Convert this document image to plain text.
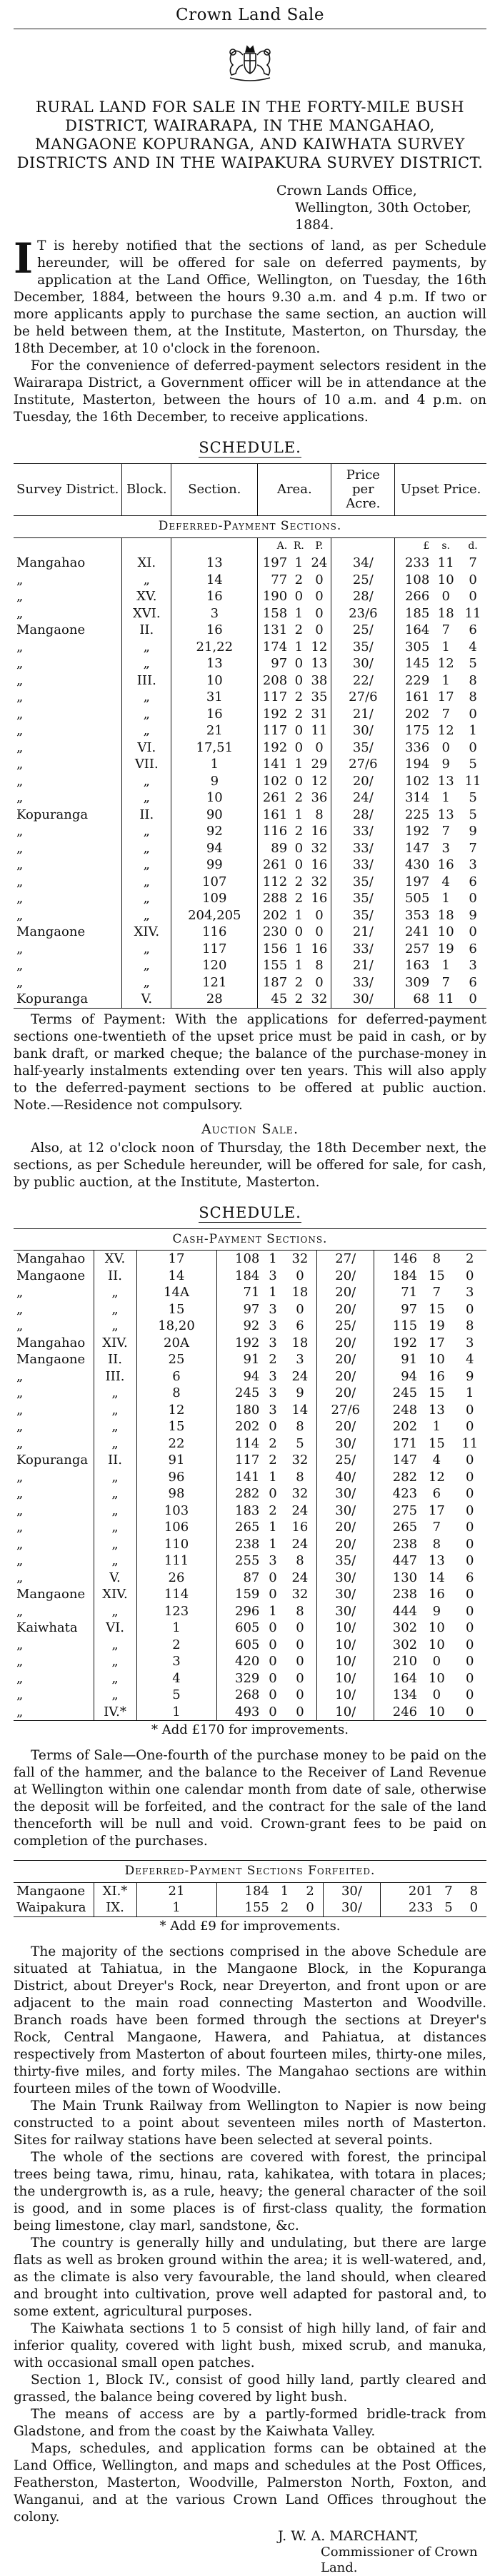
Crown Land Sale
RURAL LAND FOR SALE IN THE FORTY-MILE BUSH DISTRICT, WAIRARAPA, IN THE MANGAHAO, MANGAONE KOPURANGA, AND KAIWHATA SURVEY DISTRICTS AND IN THE WAIPAKURA SURVEY DISTRICT.
Crown Lands Office,
Wellington, 30th October, 1884.
I T is hereby notified that the sections of land, as per Schedule hereunder, will be offered for sale on deferred payments, by application at the Land Office, Wellington, on Tuesday, the 16th December, 1884, between the hours 9.30 a.m. and 4 p.m. If two or more applicants apply to purchase the same section, an auction will be held between them, at the Institute, Masterton, on Thursday, the 18th December, at 10 o'clock in the forenoon.

For the convenience of deferred-payment selectors resident in the Wairarapa District, a Government officer will be in attendance at the Institute, Masterton, between the hours of 10 a.m. and 4 p.m. on Tuesday, the 16th December, to receive applications.

SCHEDULE.
Survey District.	Block.	Section.	Area.			Price per Acre.	Upset Price.		
Deferred-Payment Sections.									
			A.	R.	P.		£	s.	d.
Mangahao	XI.	13	197	1	24	34/	233	11	7
„	„	14	77	2	0	25/	108	10	0
„	XV.	16	190	0	0	28/	266	0	0
„	XVI.	3	158	1	0	23/6	185	18	11
Mangaone	II.	16	131	2	0	25/	164	7	6
„	„	21,22	174	1	12	35/	305	1	4
„	„	13	97	0	13	30/	145	12	5
„	III.	10	208	0	38	22/	229	1	8
„	„	31	117	2	35	27/6	161	17	8
„	„	16	192	2	31	21/	202	7	0
„	„	21	117	0	11	30/	175	12	1
„	VI.	17,51	192	0	0	35/	336	0	0
„	VII.	1	141	1	29	27/6	194	9	5
„	„	9	102	0	12	20/	102	13	11
„	„	10	261	2	36	24/	314	1	5
Kopuranga	II.	90	161	1	8	28/	225	13	5
„	„	92	116	2	16	33/	192	7	9
„	„	94	89	0	32	33/	147	3	7
„	„	99	261	0	16	33/	430	16	3
„	„	107	112	2	32	35/	197	4	6
„	„	109	288	2	16	35/	505	1	0
„	„	204,205	202	1	0	35/	353	18	9
Mangaone	XIV.	116	230	0	0	21/	241	10	0
„	„	117	156	1	16	33/	257	19	6
„	„	120	155	1	8	21/	163	1	3
„	„	121	187	2	0	33/	309	7	6
Kopuranga	V.	28	45	2	32	30/	68	11	0

Terms of Payment: With the applications for deferred-payment sections one-twentieth of the upset price must be paid in cash, or by bank draft, or marked cheque; the balance of the purchase-money in half-yearly instalments extending over ten years. This will also apply to the deferred-payment sections to be offered at public auction. Note.—Residence not compulsory.

Auction Sale.

Also, at 12 o'clock noon of Thursday, the 18th December next, the sections, as per Schedule hereunder, will be offered for sale, for cash, by public auction, at the Institute, Masterton.

SCHEDULE.
Cash-Payment Sections.									
Mangahao	XV.	17	108	1	32	27/	146	8	2
Mangaone	II.	14	184	3	0	20/	184	15	0
„	„	14A	71	1	18	20/	71	7	3
„	„	15	97	3	0	20/	97	15	0
„	„	18,20	92	3	6	25/	115	19	8
Mangahao	XIV.	20A	192	3	18	20/	192	17	3
Mangaone	II.	25	91	2	3	20/	91	10	4
„	III.	6	94	3	24	20/	94	16	9
„	„	8	245	3	9	20/	245	15	1
„	„	12	180	3	14	27/6	248	13	0
„	„	15	202	0	8	20/	202	1	0
„	„	22	114	2	5	30/	171	15	11
Kopuranga	II.	91	117	2	32	25/	147	4	0
„	„	96	141	1	8	40/	282	12	0
„	„	98	282	0	32	30/	423	6	0
„	„	103	183	2	24	30/	275	17	0
„	„	106	265	1	16	20/	265	7	0
„	„	110	238	1	24	20/	238	8	0
„	„	111	255	3	8	35/	447	13	0
„	V.	26	87	0	24	30/	130	14	6
Mangaone	XIV.	114	159	0	32	30/	238	16	0
„	„	123	296	1	8	30/	444	9	0
Kaiwhata	VI.	1	605	0	0	10/	302	10	0
„	„	2	605	0	0	10/	302	10	0
„	„	3	420	0	0	10/	210	0	0
„	„	4	329	0	0	10/	164	10	0
„	„	5	268	0	0	10/	134	0	0
„	IV.*	1	493	0	0	10/	246	10	0
* Add £170 for improvements.

Terms of Sale—One-fourth of the purchase money to be paid on the fall of the hammer, and the balance to the Receiver of Land Revenue at Wellington within one calendar month from date of sale, otherwise the deposit will be forfeited, and the contract for the sale of the land thenceforth will be null and void. Crown-grant fees to be paid on completion of the purchases.

Deferred-Payment Sections Forfeited.									
Mangaone	XI.*	21	184	1	2	30/	201	7	8
Waipakura	IX.	1	155	2	0	30/	233	5	0
* Add £9 for improvements.

The majority of the sections comprised in the above Schedule are situated at Tahiatua, in the Mangaone Block, in the Kopuranga District, about Dreyer's Rock, near Dreyerton, and front upon or are adjacent to the main road connecting Masterton and Woodville. Branch roads have been formed through the sections at Dreyer's Rock, Central Mangaone, Hawera, and Pahiatua, at distances respectively from Masterton of about fourteen miles, thirty-one miles, thirty-five miles, and forty miles. The Mangahao sections are within fourteen miles of the town of Woodville.

The Main Trunk Railway from Wellington to Napier is now being constructed to a point about seventeen miles north of Masterton. Sites for railway stations have been selected at several points.

The whole of the sections are covered with forest, the principal trees being tawa, rimu, hinau, rata, kahikatea, with totara in places; the undergrowth is, as a rule, heavy; the general character of the soil is good, and in some places is of first-class quality, the formation being limestone, clay marl, sandstone, &c.

The country is generally hilly and undulating, but there are large flats as well as broken ground within the area; it is well-watered, and, as the climate is also very favourable, the land should, when cleared and brought into cultivation, prove well adapted for pastoral and, to some extent, agricultural purposes.

The Kaiwhata sections 1 to 5 consist of high hilly land, of fair and inferior quality, covered with light bush, mixed scrub, and manuka, with occasional small open patches.

Section 1, Block IV., consist of good hilly land, partly cleared and grassed, the balance being covered by light bush.

The means of access are by a partly-formed bridle-track from Gladstone, and from the coast by the Kaiwhata Valley.

Maps, schedules, and application forms can be obtained at the Land Office, Wellington, and maps and schedules at the Post Offices, Featherston, Masterton, Woodville, Palmerston North, Foxton, and Wanganui, and at the various Crown Land Offices throughout the colony.

J. W. A. MARCHANT,
Commissioner of Crown Land.
